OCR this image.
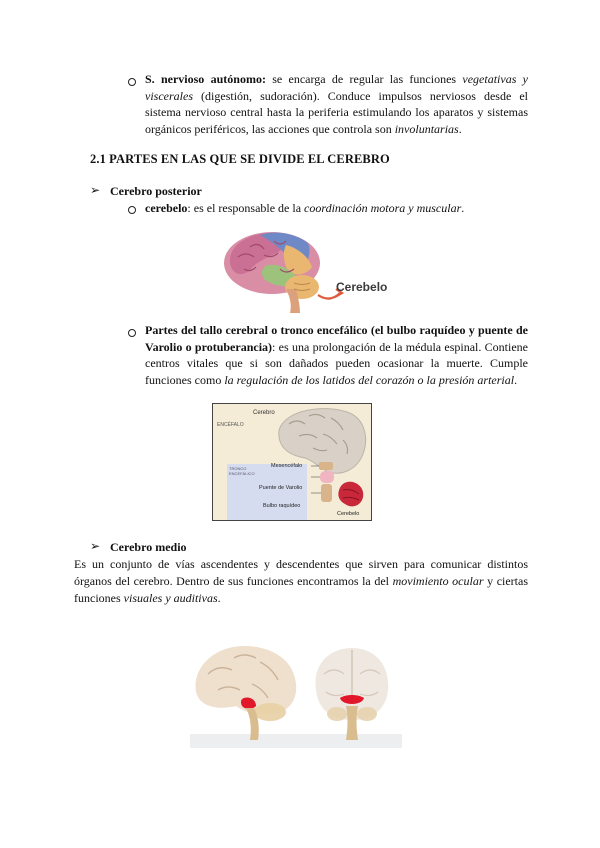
S. nervioso autónomo: se encarga de regular las funciones vegetativas y viscerales (digestión, sudoración). Conduce impulsos nerviosos desde el sistema nervioso central hasta la periferia estimulando los aparatos y sistemas orgánicos periféricos, las acciones que controla son involuntarias.

2.1 PARTES EN LAS QUE SE DIVIDE EL CEREBRO
➢ Cerebro posterior

cerebelo: es el responsable de la coordinación motora y muscular.

Cerebelo

Partes del tallo cerebral o tronco encefálico (el bulbo raquídeo y puente de Varolio o protuberancia): es una prolongación de la médula espinal. Contiene centros vitales que si son dañados pueden ocasionar la muerte. Cumple funciones como la regulación de los latidos del corazón o la presión arterial.

Cerebro
ENCÉFALO
TRONCO ENCEFÁLICO
Mesencéfalo
Puente de Varolio
Bulbo raquídeo
Cerebelo
➢ Cerebro medio

Es un conjunto de vías ascendentes y descendentes que sirven para comunicar distintos órganos del cerebro. Dentro de sus funciones encontramos la del movimiento ocular y ciertas funciones visuales y auditivas.
